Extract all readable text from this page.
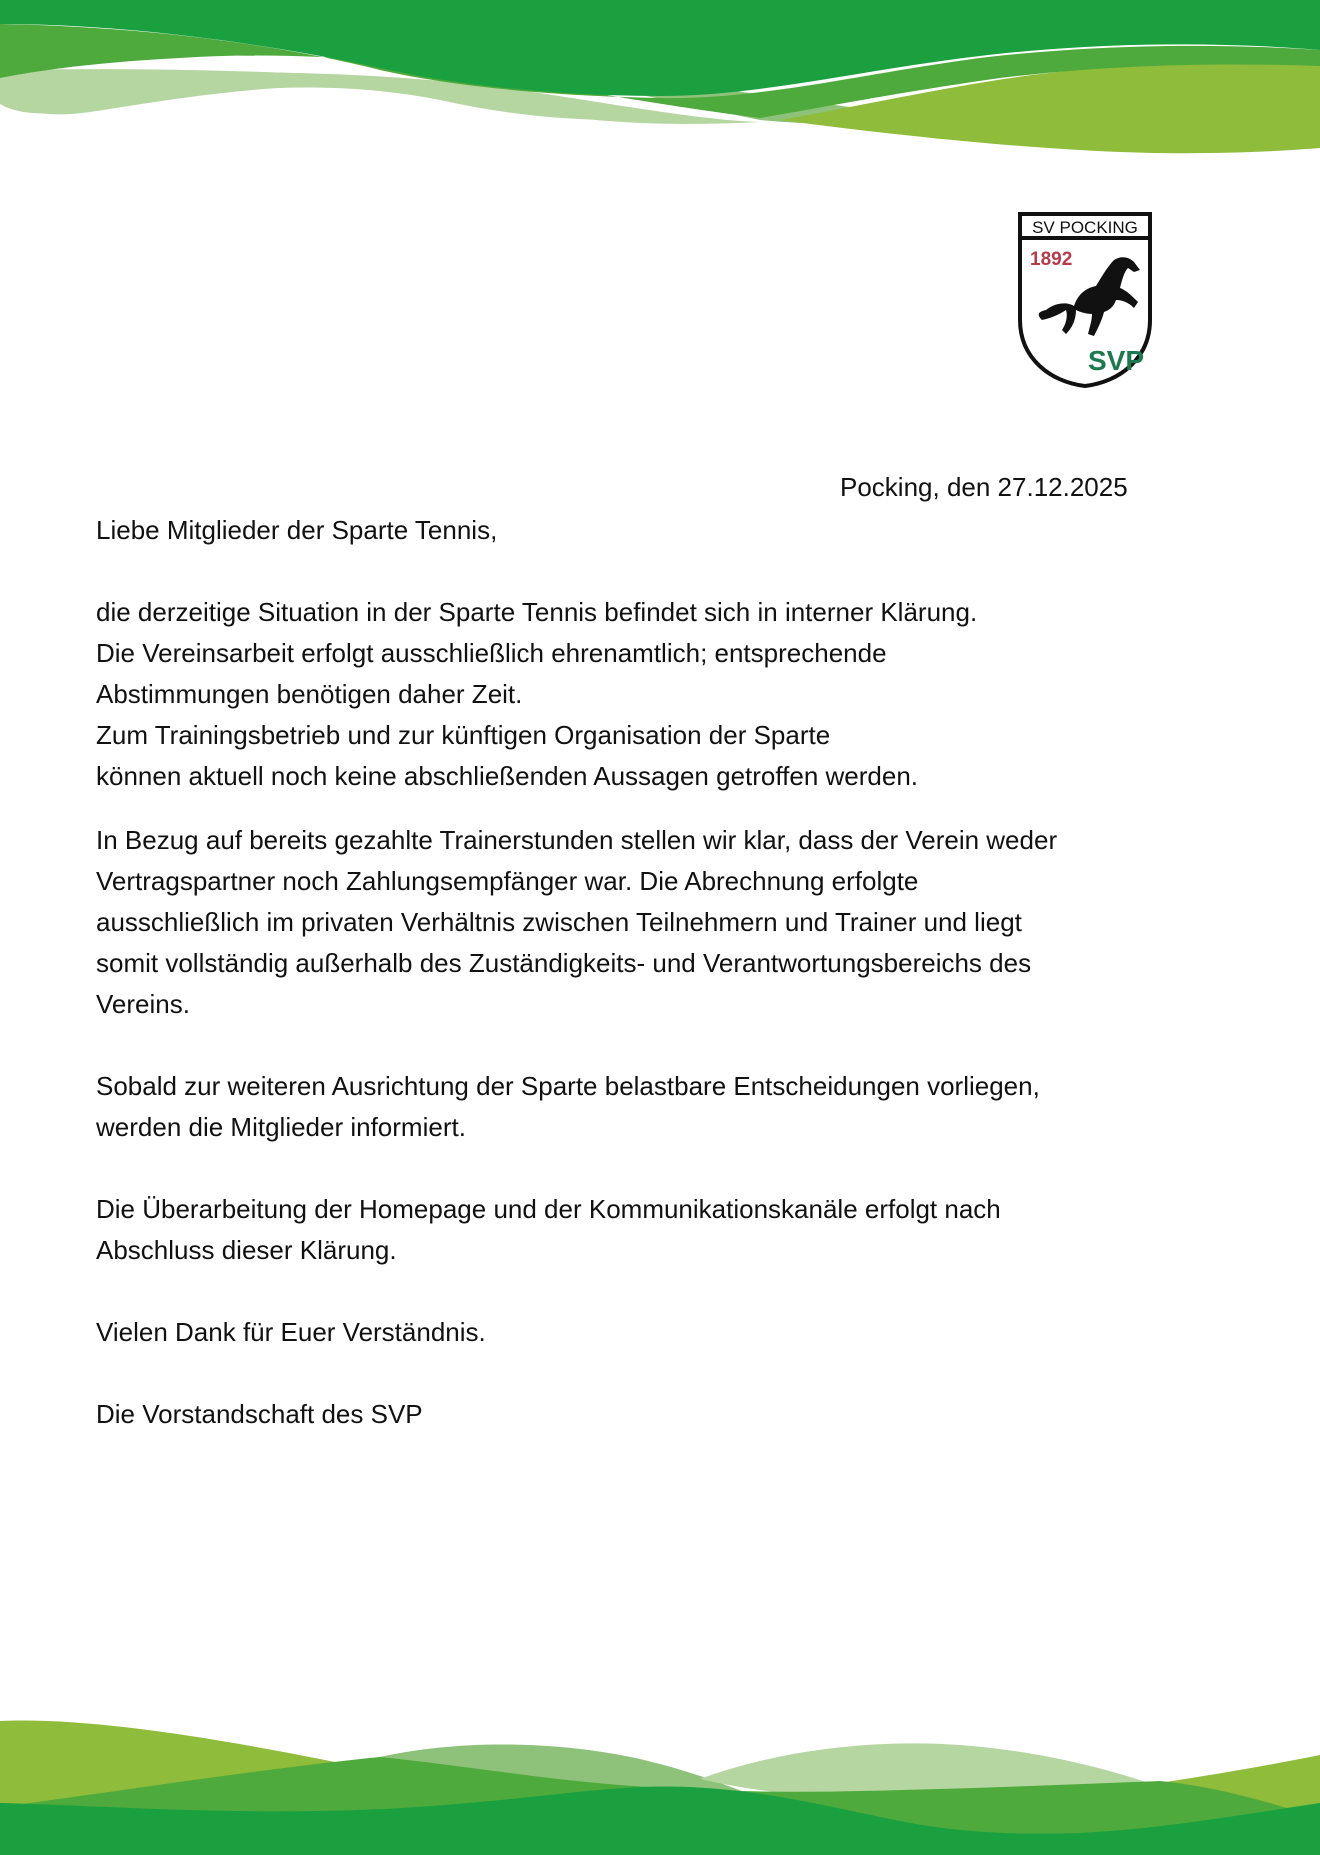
SV POCKING
1892
SVP
Pocking, den 27.12.2025

Liebe Mitglieder der Sparte Tennis,

die derzeitige Situation in der Sparte Tennis befindet sich in interner Klärung.
Die Vereinsarbeit erfolgt ausschließlich ehrenamtlich; entsprechende
Abstimmungen benötigen daher Zeit.
Zum Trainingsbetrieb und zur künftigen Organisation der Sparte
können aktuell noch keine abschließenden Aussagen getroffen werden.

In Bezug auf bereits gezahlte Trainerstunden stellen wir klar, dass der Verein weder
Vertragspartner noch Zahlungsempfänger war. Die Abrechnung erfolgte
ausschließlich im privaten Verhältnis zwischen Teilnehmern und Trainer und liegt
somit vollständig außerhalb des Zuständigkeits- und Verantwortungsbereichs des
Vereins.

Sobald zur weiteren Ausrichtung der Sparte belastbare Entscheidungen vorliegen,
werden die Mitglieder informiert.

Die Überarbeitung der Homepage und der Kommunikationskanäle erfolgt nach
Abschluss dieser Klärung.

Vielen Dank für Euer Verständnis.

Die Vorstandschaft des SVP
